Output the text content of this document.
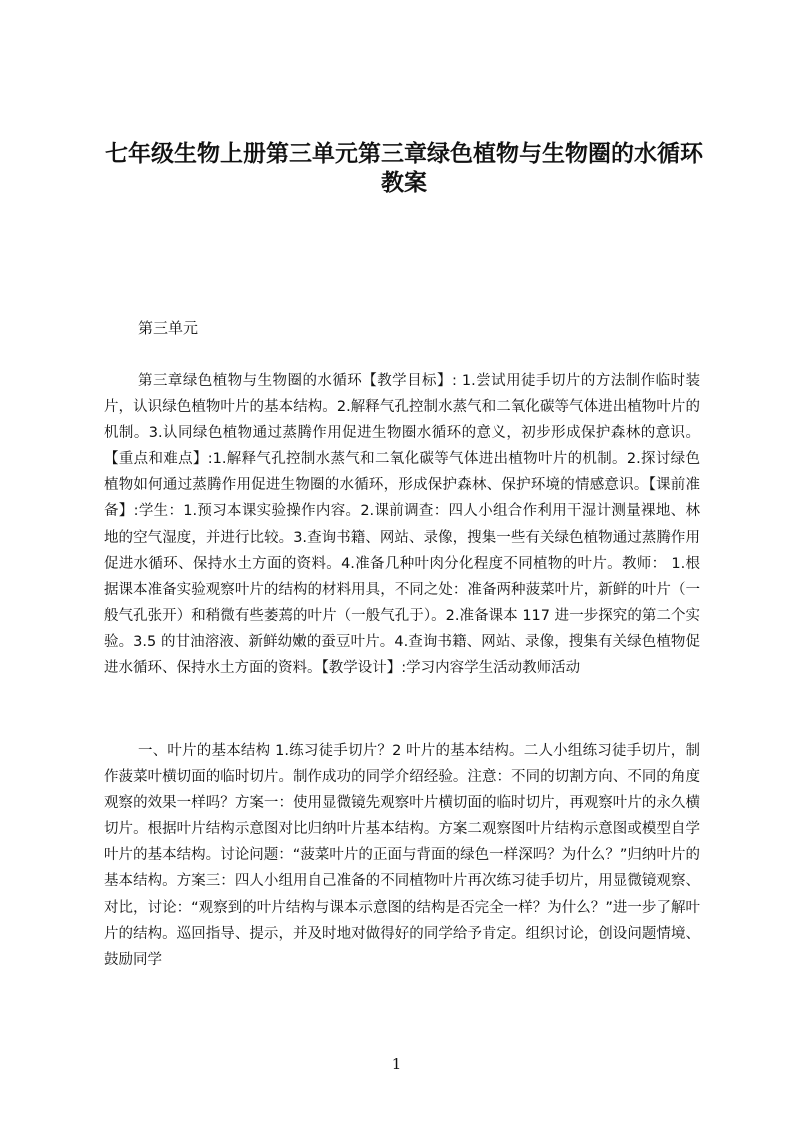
七年级生物上册第三单元第三章绿色植物与生物圈的水循环教案

第三单元

第三章绿色植物与生物圈的水循环【教学目标】: 1.尝试用徒手切片的方法制作临时装片，认识绿色植物叶片的基本结构。2.解释气孔控制水蒸气和二氧化碳等气体进出植物叶片的机制。3.认同绿色植物通过蒸腾作用促进生物圈水循环的意义，初步形成保护森林的意识。【重点和难点】:1.解释气孔控制水蒸气和二氧化碳等气体进出植物叶片的机制。2.探讨绿色植物如何通过蒸腾作用促进生物圈的水循环，形成保护森林、保护环境的情感意识。【课前准备】:学生：1.预习本课实验操作内容。2.课前调查：四人小组合作利用干湿计测量裸地、林地的空气湿度，并进行比较。3.查询书籍、网站、录像，搜集一些有关绿色植物通过蒸腾作用促进水循环、保持水土方面的资料。4.准备几种叶肉分化程度不同植物的叶片。教师： 1.根据课本准备实验观察叶片的结构的材料用具，不同之处：准备两种菠菜叶片，新鲜的叶片（一般气孔张开）和稍微有些萎蔫的叶片（一般气孔于）。2.准备课本 117 进一步探究的第二个实验。3.5 的甘油溶液、新鲜幼嫩的蚕豆叶片。4.查询书籍、网站、录像，搜集有关绿色植物促进水循环、保持水土方面的资料。【教学设计】:学习内容学生活动教师活动

一、叶片的基本结构 1.练习徒手切片？2 叶片的基本结构。二人小组练习徒手切片，制作菠菜叶横切面的临时切片。制作成功的同学介绍经验。注意：不同的切割方向、不同的角度观察的效果一样吗？方案一：使用显微镜先观察叶片横切面的临时切片，再观察叶片的永久横切片。根据叶片结构示意图对比归纳叶片基本结构。方案二观察图叶片结构示意图或模型自学叶片的基本结构。讨论问题：“菠菜叶片的正面与背面的绿色一样深吗？为什么？”归纳叶片的基本结构。方案三：四人小组用自己准备的不同植物叶片再次练习徒手切片，用显微镜观察、对比，讨论：“观察到的叶片结构与课本示意图的结构是否完全一样？为什么？”进一步了解叶片的结构。巡回指导、提示，并及时地对做得好的同学给予肯定。组织讨论，创设问题情境、鼓励同学

1
